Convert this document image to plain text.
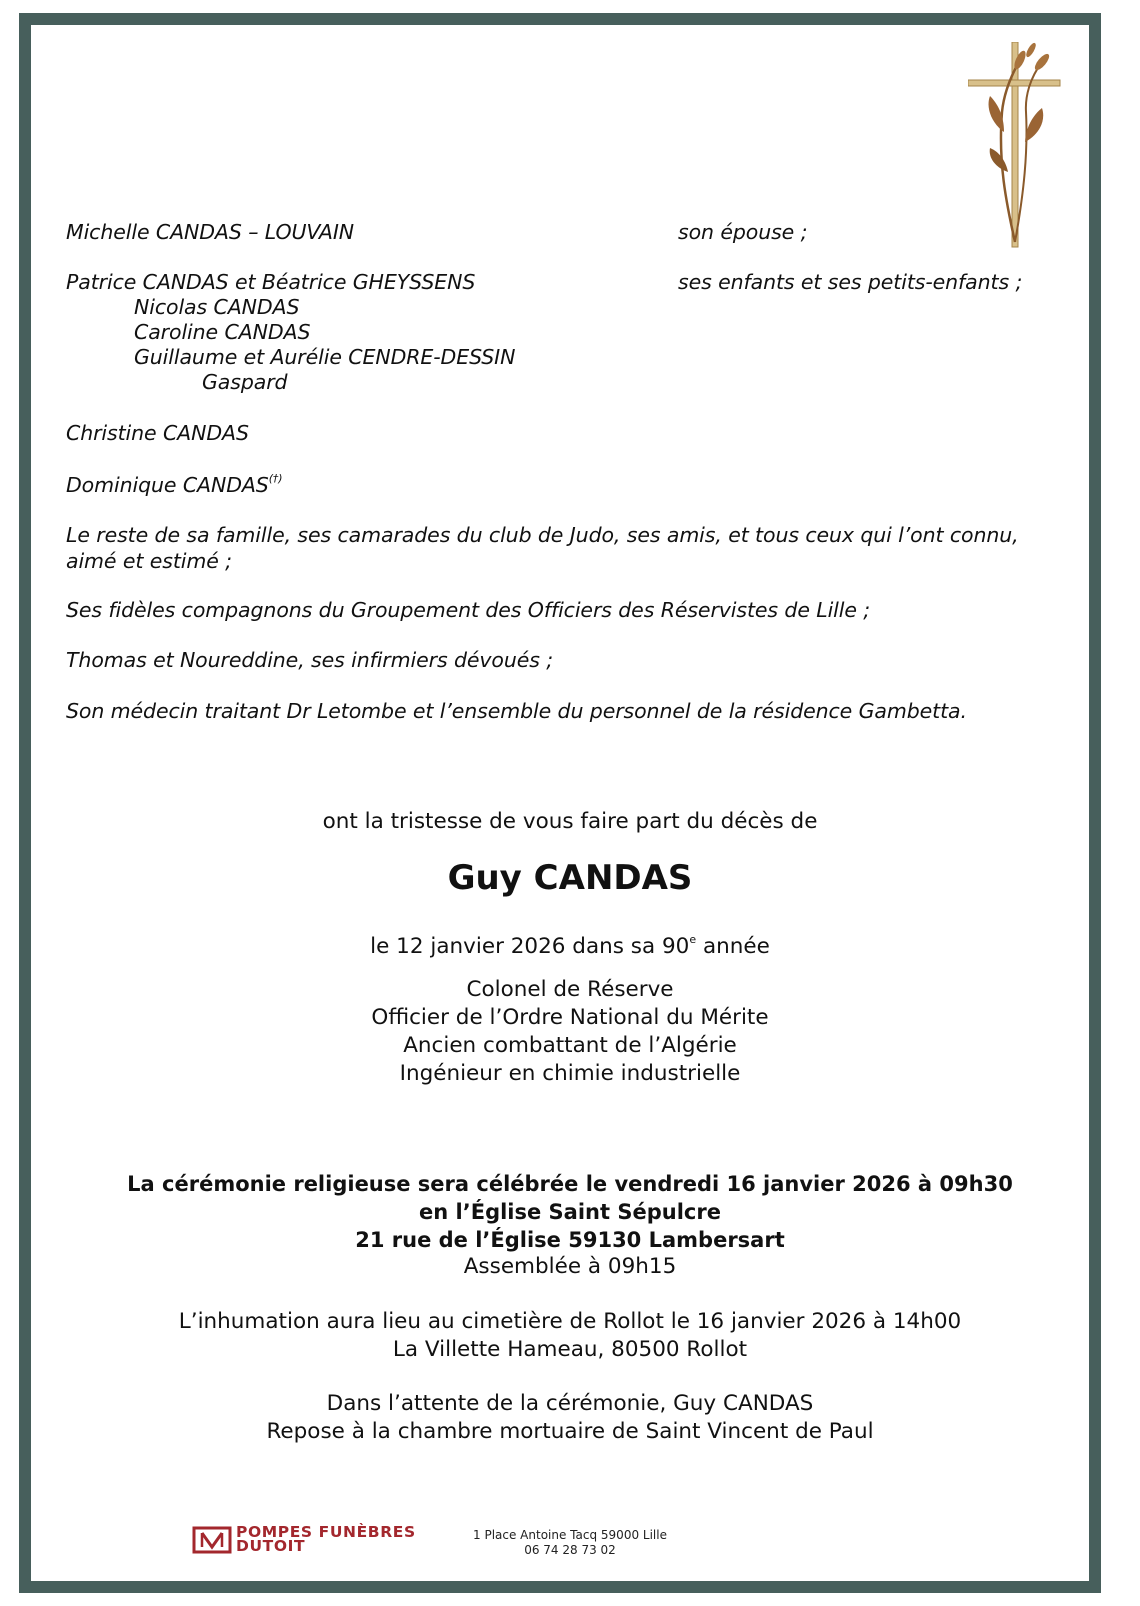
Michelle CANDAS – LOUVAIN	son épouse ;
Patrice CANDAS et Béatrice GHEYSSENS	ses enfants et ses petits-enfants ;
Nicolas CANDAS
Caroline CANDAS
Guillaume et Aurélie CENDRE-DESSIN
Gaspard
Christine CANDAS
Dominique CANDAS(†)
Le reste de sa famille, ses camarades du club de Judo, ses amis, et tous ceux qui l’ont connu, aimé et estimé ;
Ses fidèles compagnons du Groupement des Officiers des Réservistes de Lille ;
Thomas et Noureddine, ses infirmiers dévoués ;
Son médecin traitant Dr Letombe et l’ensemble du personnel de la résidence Gambetta.
ont la tristesse de vous faire part du décès de
Guy CANDAS
le 12 janvier 2026 dans sa 90e année
Colonel de Réserve
Officier de l’Ordre National du Mérite
Ancien combattant de l’Algérie
Ingénieur en chimie industrielle
La cérémonie religieuse sera célébrée le vendredi 16 janvier 2026 à 09h30
en l’Église Saint Sépulcre
21 rue de l’Église 59130 Lambersart
Assemblée à 09h15
L’inhumation aura lieu au cimetière de Rollot le 16 janvier 2026 à 14h00
La Villette Hameau, 80500 Rollot
Dans l’attente de la cérémonie, Guy CANDAS
Repose à la chambre mortuaire de Saint Vincent de Paul
POMPES FUNÈBRES
DUTOIT
1 Place Antoine Tacq 59000 Lille
06 74 28 73 02
